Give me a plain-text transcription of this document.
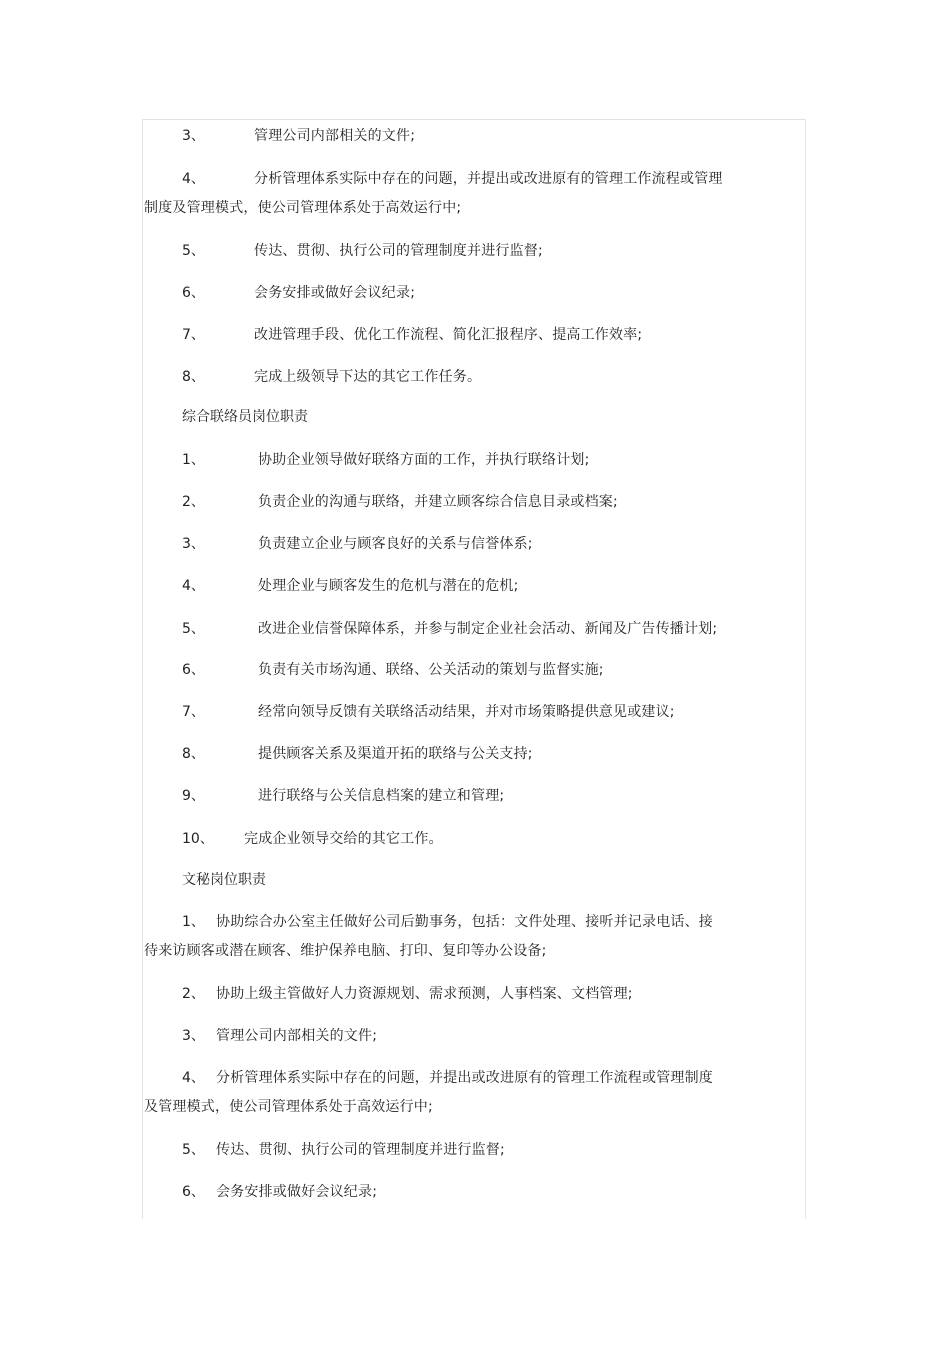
3、	管理公司内部相关的文件;
4、	分析管理体系实际中存在的问题，并提出或改进原有的管理工作流程或管理
制度及管理模式，使公司管理体系处于高效运行中;
5、	传达、贯彻、执行公司的管理制度并进行监督;
6、	会务安排或做好会议纪录;
7、	改进管理手段、优化工作流程、简化汇报程序、提高工作效率;
8、	完成上级领导下达的其它工作任务。
综合联络员岗位职责
1、	协助企业领导做好联络方面的工作，并执行联络计划;
2、	负责企业的沟通与联络，并建立顾客综合信息目录或档案;
3、	负责建立企业与顾客良好的关系与信誉体系;
4、	处理企业与顾客发生的危机与潜在的危机;
5、	改进企业信誉保障体系，并参与制定企业社会活动、新闻及广告传播计划;
6、	负责有关市场沟通、联络、公关活动的策划与监督实施;
7、	经常向领导反馈有关联络活动结果，并对市场策略提供意见或建议;
8、	提供顾客关系及渠道开拓的联络与公关支持;
9、	进行联络与公关信息档案的建立和管理;
10、 完成企业领导交给的其它工作。
文秘岗位职责
1、 协助综合办公室主任做好公司后勤事务，包括：文件处理、接听并记录电话、接
待来访顾客或潜在顾客、维护保养电脑、打印、复印等办公设备;
2、 协助上级主管做好人力资源规划、需求预测，人事档案、文档管理;
3、 管理公司内部相关的文件;
4、 分析管理体系实际中存在的问题，并提出或改进原有的管理工作流程或管理制度
及管理模式，使公司管理体系处于高效运行中;
5、 传达、贯彻、执行公司的管理制度并进行监督;
6、 会务安排或做好会议纪录;
